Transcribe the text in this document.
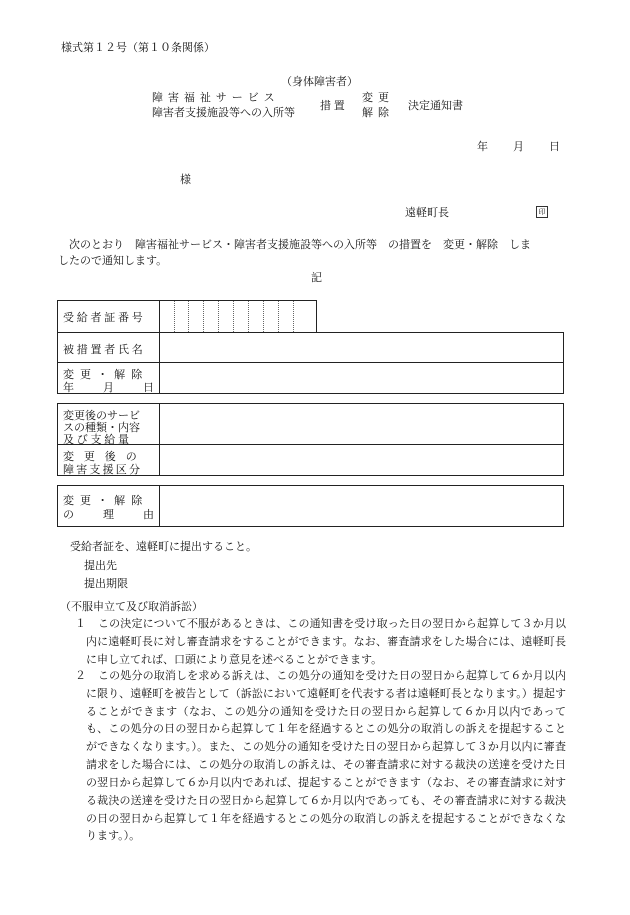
様式第１２号（第１０条関係）
（身体障害者）
障害福祉サービス
障害者支援施設等への入所等
措置
変更
解除
決定通知書
年 月 日
様
遠軽町長	印
次のとおり　障害福祉サービス・障害者支援施設等への入所等　の措置を　変更・解除　しま
したので通知します。
記
受給者証番号
被措置者氏名
変更・解除
年	月	日
変更後のサービ
スの種類・内容
及び支給量
変更後の
障害支援区分
変更・解除
の	理	由
受給者証を、遠軽町に提出すること。
提出先
提出期限
（不服申立て及び取消訴訟）
１	この決定について不服があるときは、この通知書を受け取った日の翌日から起算して３か月以内に遠軽町長に対し審査請求をすることができます。なお、審査請求をした場合には、遠軽町長に申し立てれば、口頭により意見を述べることができます。
２	この処分の取消しを求める訴えは、この処分の通知を受けた日の翌日から起算して６か月以内に限り、遠軽町を被告として（訴訟において遠軽町を代表する者は遠軽町長となります。）提起することができます（なお、この処分の通知を受けた日の翌日から起算して６か月以内であっても、この処分の日の翌日から起算して１年を経過するとこの処分の取消しの訴えを提起することができなくなります。）。また、この処分の通知を受けた日の翌日から起算して３か月以内に審査請求をした場合には、この処分の取消しの訴えは、その審査請求に対する裁決の送達を受けた日の翌日から起算して６か月以内であれば、提起することができます（なお、その審査請求に対する裁決の送達を受けた日の翌日から起算して６か月以内であっても、その審査請求に対する裁決の日の翌日から起算して１年を経過するとこの処分の取消しの訴えを提起することができなくなります。）。
